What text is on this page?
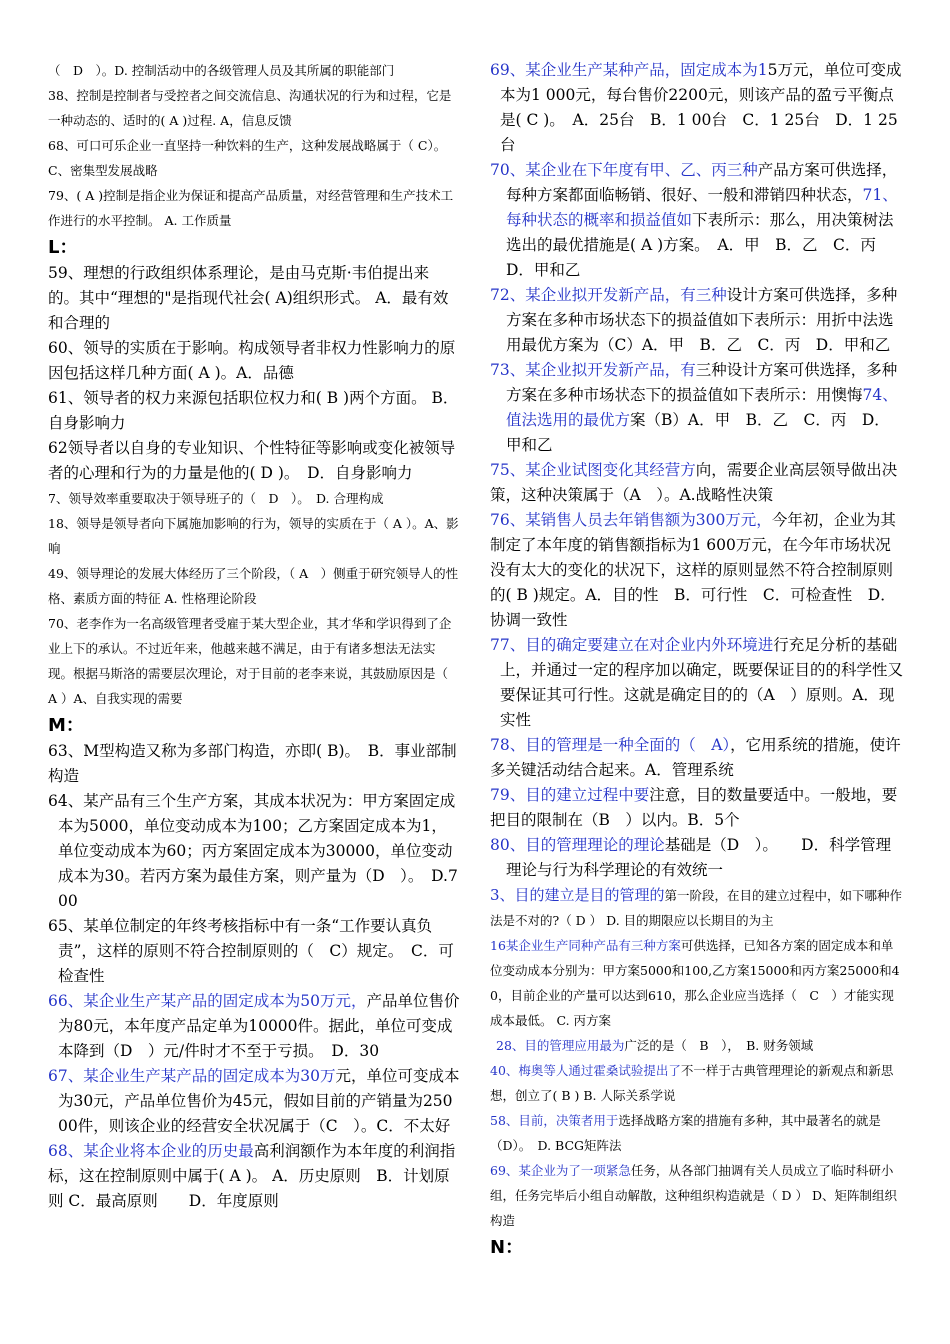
（　D　）。D. 控制活动中的各级管理人员及其所属的职能部门

38、控制是控制者与受控者之间交流信息、沟通状况的行为和过程，它是一种动态的、适时的( A )过程. A，信息反馈

68、可口可乐企业一直坚持一种饮料的生产，这种发展战略属于（ C）。C、密集型发展战略

79、( A )控制是指企业为保证和提高产品质量，对经营管理和生产技术工作进行的水平控制。 A. 工作质量

L：

59、理想的行政组织体系理论，是由马克斯·韦伯提出来的。其中“理想的"是指现代社会( A)组织形式。 A．最有效和合理的

60、领导的实质在于影响。构成领导者非权力性影响力的原因包括这样几种方面( A )。A．品德

61、领导者的权力来源包括职位权力和( B )两个方面。 B．自身影响力

62领导者以自身的专业知识、个性特征等影响或变化被领导者的心理和行为的力量是他的( D )。　D．自身影响力

7、领导效率重要取决于领导班子的（　D　）。　D. 合理构成

18、领导是领导者向下属施加影响的行为，领导的实质在于（ A ）。A、影响

49、领导理论的发展大体经历了三个阶段，（ A　）侧重于研究领导人的性格、素质方面的特征 A. 性格理论阶段

70、老李作为一名高级管理者受雇于某大型企业，其才华和学识得到了企业上下的承认。不过近年来，他越来越不满足，由于有诸多想法无法实现。根据马斯洛的需要层次理论，对于目前的老李来说，其鼓励原因是（ A ）A、自我实现的需要

M：

63、M型构造又称为多部门构造，亦即( B)。　B．事业部制构造

64、某产品有三个生产方案，其成本状况为：甲方案固定成本为5000，单位变动成本为100；乙方案固定成本为1，单位变动成本为60；丙方案固定成本为30000，单位变动成本为30。若丙方案为最佳方案，则产量为（D　）。　D.700

65、某单位制定的年终考核指标中有一条“工作要认真负责”，这样的原则不符合控制原则的（　C）规定。　C．可检查性

66、某企业生产某产品的固定成本为50万元，产品单位售价为80元，本年度产品定单为10000件。据此，单位可变成本降到（D　）元/件时才不至于亏损。　D．30

67、某企业生产某产品的固定成本为30万元，单位可变成本为30元，产品单位售价为45元，假如目前的产销量为25000件，则该企业的经营安全状况属于（C　）。C．不太好

68、某企业将本企业的历史最高利润额作为本年度的利润指标，这在控制原则中属于( A )。 A．历史原则　B．计划原则 C．最高原则　　D．年度原则

69、某企业生产某种产品，固定成本为15万元，单位可变成本为1 000元，每台售价2200元，则该产品的盈亏平衡点是( C )。　A．25台　B．1 00台　C．1 25台　D．1 25台

70、某企业在下年度有甲、乙、丙三种产品方案可供选择，每种方案都面临畅销、很好、一般和滞销四种状态，71、每种状态的概率和损益值如下表所示：那么，用决策树法选出的最优措施是( A )方案。　A．甲　B．乙　C．丙　D．甲和乙

72、某企业拟开发新产品，有三种设计方案可供选择，多种方案在多种市场状态下的损益值如下表所示：用折中法选用最优方案为（C）A．甲　B．乙　C．丙　D．甲和乙

73、某企业拟开发新产品，有三种设计方案可供选择，多种方案在多种市场状态下的损益值如下表所示：用懊悔74、值法选用的最优方案（B）A．甲　B．乙　C．丙　D．甲和乙

75、某企业试图变化其经营方向，需要企业高层领导做出决策，这种决策属于（A　）。A.战略性决策

76、某销售人员去年销售额为300万元，今年初，企业为其制定了本年度的销售额指标为1 600万元，在今年市场状况没有太大的变化的状况下，这样的原则显然不符合控制原则的( B )规定。A．目的性　B．可行性　C．可检查性　D．协调一致性

77、目的确定要建立在对企业内外环境进行充足分析的基础上，并通过一定的程序加以确定，既要保证目的的科学性又要保证其可行性。这就是确定目的的（A　）原则。A．现实性

78、目的管理是一种全面的（　A），它用系统的措施，使许多关键活动结合起来。A．管理系统

79、目的建立过程中要注意，目的数量要适中。一般地，要把目的限制在（B　）以内。B．5个

80、目的管理理论的理论基础是（D　）。　　D．科学管理理论与行为科学理论的有效统一

3、目的建立是目的管理的第一阶段，在目的建立过程中，如下哪种作法是不对的?（ D ） D. 目的期限应以长期目的为主

16某企业生产同种产品有三种方案可供选择，已知各方案的固定成本和单位变动成本分别为：甲方案5000和100,乙方案15000和丙方案25000和40，目前企业的产量可以达到610，那么企业应当选择（　C　）才能实现成本最低。 C. 丙方案

28、目的管理应用最为广泛的是（　B　），　B. 财务领域

40、梅奥等人通过霍桑试验提出了不一样于古典管理理论的新观点和新思想，创立了( B ) B. 人际关系学说

58、目前，决策者用于选择战略方案的措施有多种，其中最著名的就是（D）。　D. BCG矩阵法

69、某企业为了一项紧急任务，从各部门抽调有关人员成立了临时科研小组，任务完毕后小组自动解散，这种组织构造就是（ D ） D、矩阵制组织构造

N：
